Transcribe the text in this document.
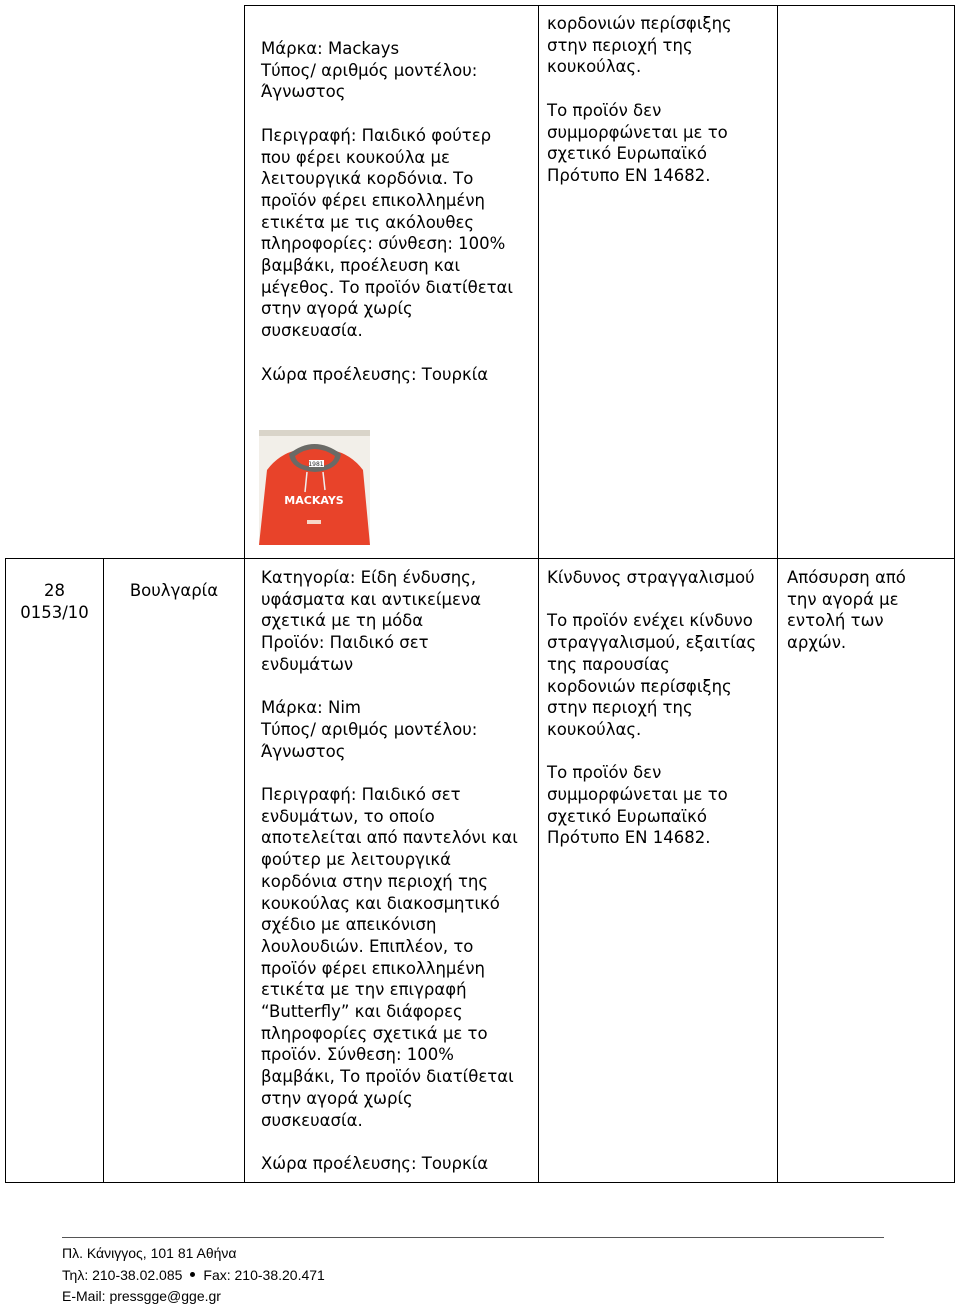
Μάρκα: Mackays

Τύπος/ αριθμός μοντέλου:

Άγνωστος

Περιγραφή: Παιδικό φούτερ

που φέρει κουκούλα με

λειτουργικά κορδόνια. Το

προϊόν φέρει επικολλημένη

ετικέτα με τις ακόλουθες

πληροφορίες: σύνθεση: 100%

βαμβάκι, προέλευση και

μέγεθος. Το προϊόν διατίθεται

στην αγορά χωρίς

συσκευασία.

Χώρα προέλευσης: Τουρκία

1981
MACKAYS

κορδονιών περίσφιξης

στην περιοχή της

κουκούλας.

Το προϊόν δεν

συμμορφώνεται με το

σχετικό Ευρωπαϊκό

Πρότυπο EN 14682.

28

0153/10

Βουλγαρία

Κατηγορία: Είδη ένδυσης,

υφάσματα και αντικείμενα

σχετικά με τη μόδα

Προϊόν: Παιδικό σετ

ενδυμάτων

Μάρκα: Nim

Τύπος/ αριθμός μοντέλου:

Άγνωστος

Περιγραφή: Παιδικό σετ

ενδυμάτων, το οποίο

αποτελείται από παντελόνι και

φούτερ με λειτουργικά

κορδόνια στην περιοχή της

κουκούλας και διακοσμητικό

σχέδιο με απεικόνιση

λουλουδιών. Επιπλέον, το

προϊόν φέρει επικολλημένη

ετικέτα με την επιγραφή

“Butterfly” και διάφορες

πληροφορίες σχετικά με το

προϊόν. Σύνθεση: 100%

βαμβάκι, Το προϊόν διατίθεται

στην αγορά χωρίς

συσκευασία.

Χώρα προέλευσης: Τουρκία

Κίνδυνος στραγγαλισμού

Το προϊόν ενέχει κίνδυνο

στραγγαλισμού, εξαιτίας

της παρουσίας

κορδονιών περίσφιξης

στην περιοχή της

κουκούλας.

Το προϊόν δεν

συμμορφώνεται με το

σχετικό Ευρωπαϊκό

Πρότυπο EN 14682.

Απόσυρση από

την αγορά με

εντολή των

αρχών.

Πλ. Κάνιγγος, 101 81 Αθήνα
Τηλ: 210-38.02.085 Fax: 210-38.20.471
E-Mail: pressgge@gge.gr
